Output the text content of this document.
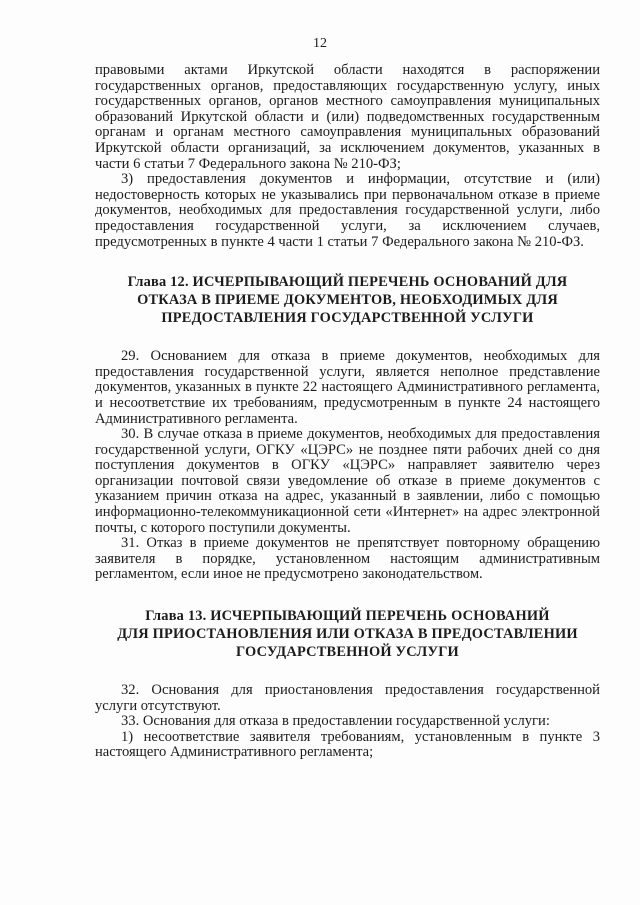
12

правовыми актами Иркутской области находятся в распоряжении государственных органов, предоставляющих государственную услугу, иных государственных органов, органов местного самоуправления муниципальных образований Иркутской области и (или) подведомственных государственным органам и органам местного самоуправления муниципальных образований Иркутской области организаций, за исключением документов, указанных в части 6 статьи 7 Федерального закона № 210-ФЗ;

3) предоставления документов и информации, отсутствие и (или) недостоверность которых не указывались при первоначальном отказе в приеме документов, необходимых для предоставления государственной услуги, либо предоставления государственной услуги, за исключением случаев, предусмотренных в пункте 4 части 1 статьи 7 Федерального закона № 210-ФЗ.

Глава 12. ИСЧЕРПЫВАЮЩИЙ ПЕРЕЧЕНЬ ОСНОВАНИЙ ДЛЯ
ОТКАЗА В ПРИЕМЕ ДОКУМЕНТОВ, НЕОБХОДИМЫХ ДЛЯ
ПРЕДОСТАВЛЕНИЯ ГОСУДАРСТВЕННОЙ УСЛУГИ

29. Основанием для отказа в приеме документов, необходимых для предоставления государственной услуги, является неполное представление документов, указанных в пункте 22 настоящего Административного регламента, и несоответствие их требованиям, предусмотренным в пункте 24 настоящего Административного регламента.

30. В случае отказа в приеме документов, необходимых для предоставления государственной услуги, ОГКУ «ЦЭРС» не позднее пяти рабочих дней со дня поступления документов в ОГКУ «ЦЭРС» направляет заявителю через организации почтовой связи уведомление об отказе в приеме документов с указанием причин отказа на адрес, указанный в заявлении, либо с помощью информационно-телекоммуникационной сети «Интернет» на адрес электронной почты, с которого поступили документы.

31. Отказ в приеме документов не препятствует повторному обращению заявителя в порядке, установленном настоящим административным регламентом, если иное не предусмотрено законодательством.

Глава 13. ИСЧЕРПЫВАЮЩИЙ ПЕРЕЧЕНЬ ОСНОВАНИЙ
ДЛЯ ПРИОСТАНОВЛЕНИЯ ИЛИ ОТКАЗА В ПРЕДОСТАВЛЕНИИ
ГОСУДАРСТВЕННОЙ УСЛУГИ

32. Основания для приостановления предоставления государственной услуги отсутствуют.

33. Основания для отказа в предоставлении государственной услуги:

1) несоответствие заявителя требованиям, установленным в пункте 3 настоящего Административного регламента;
